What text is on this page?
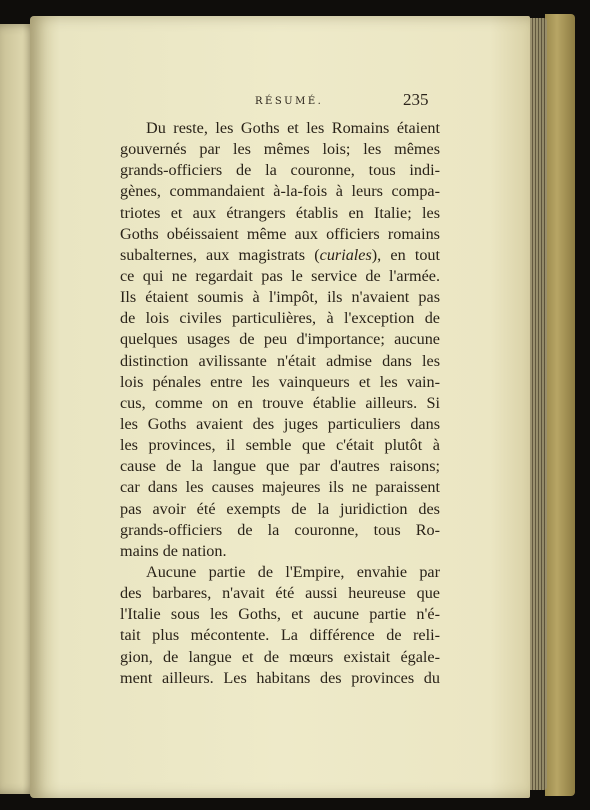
RÉSUMÉ.	235
Du reste, les Goths et les Romains étaient
gouvernés par les mêmes lois; les mêmes
grands-officiers de la couronne, tous indi-
gènes, commandaient à-la-fois à leurs compa-
triotes et aux étrangers établis en Italie; les
Goths obéissaient même aux officiers romains
subalternes, aux magistrats (curiales), en tout
ce qui ne regardait pas le service de l'armée.
Ils étaient soumis à l'impôt, ils n'avaient pas
de lois civiles particulières, à l'exception de
quelques usages de peu d'importance; aucune
distinction avilissante n'était admise dans les
lois pénales entre les vainqueurs et les vain-
cus, comme on en trouve établie ailleurs. Si
les Goths avaient des juges particuliers dans
les provinces, il semble que c'était plutôt à
cause de la langue que par d'autres raisons;
car dans les causes majeures ils ne paraissent
pas avoir été exempts de la juridiction des
grands-officiers de la couronne, tous Ro-
mains de nation.
Aucune partie de l'Empire, envahie par
des barbares, n'avait été aussi heureuse que
l'Italie sous les Goths, et aucune partie n'é-
tait plus mécontente. La différence de reli-
gion, de langue et de mœurs existait égale-
ment ailleurs. Les habitans des provinces du
